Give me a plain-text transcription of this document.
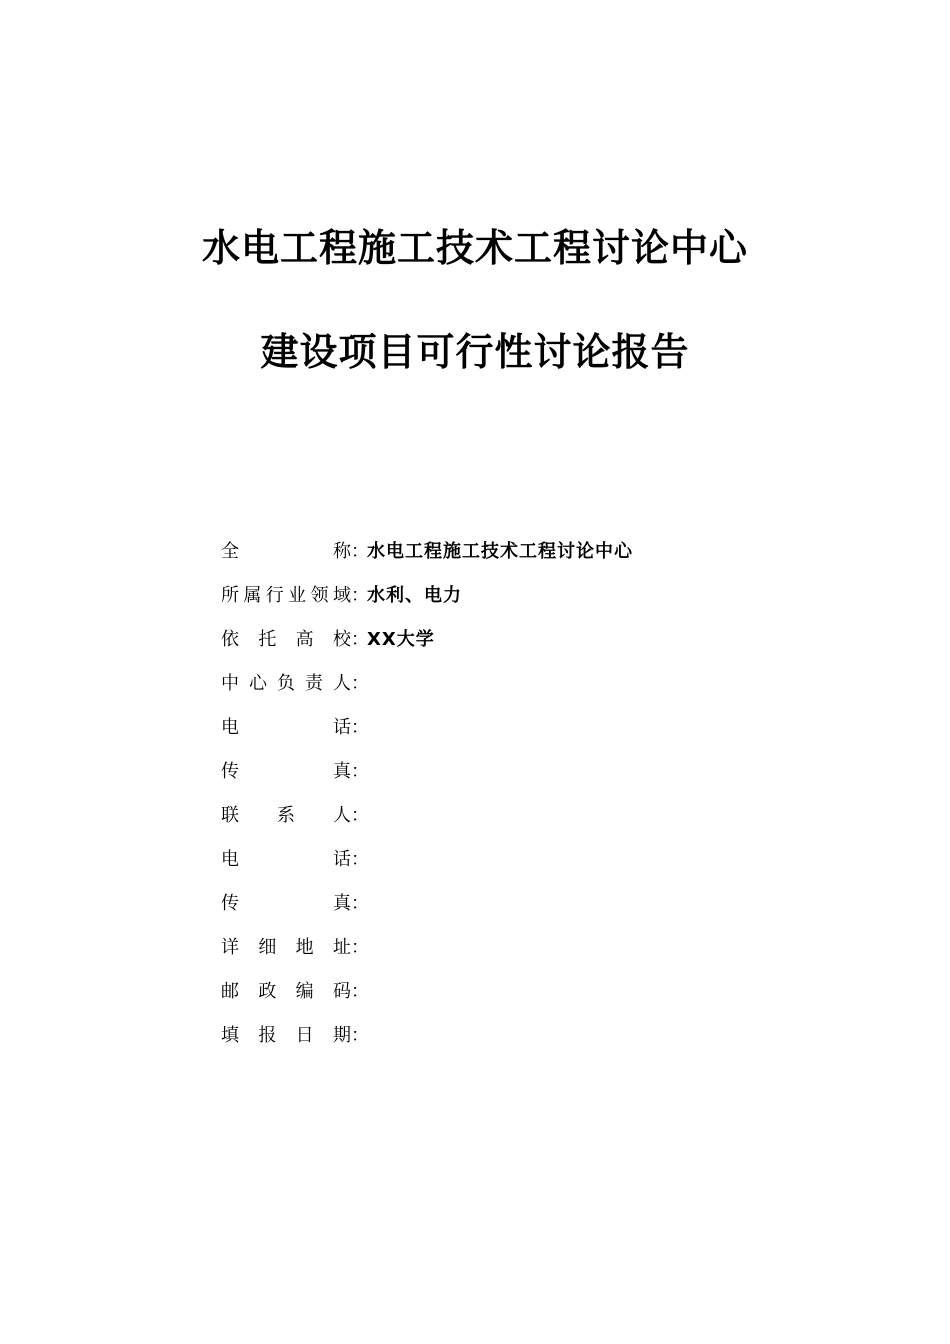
水电工程施工技术工程讨论中心
建设项目可行性讨论报告
全	称 ：
水电工程施工技术工程讨论中心
所 属 行 业 领 域 ：
水利、电力
依 托 高 校 ：
XX大学
中 心 负 责 人 ：
电	话 ：
传	真 ：
联 系 人 ：
电	话 ：
传	真 ：
详 细 地 址 ：
邮 政 编 码 ：
填 报 日 期 ：
